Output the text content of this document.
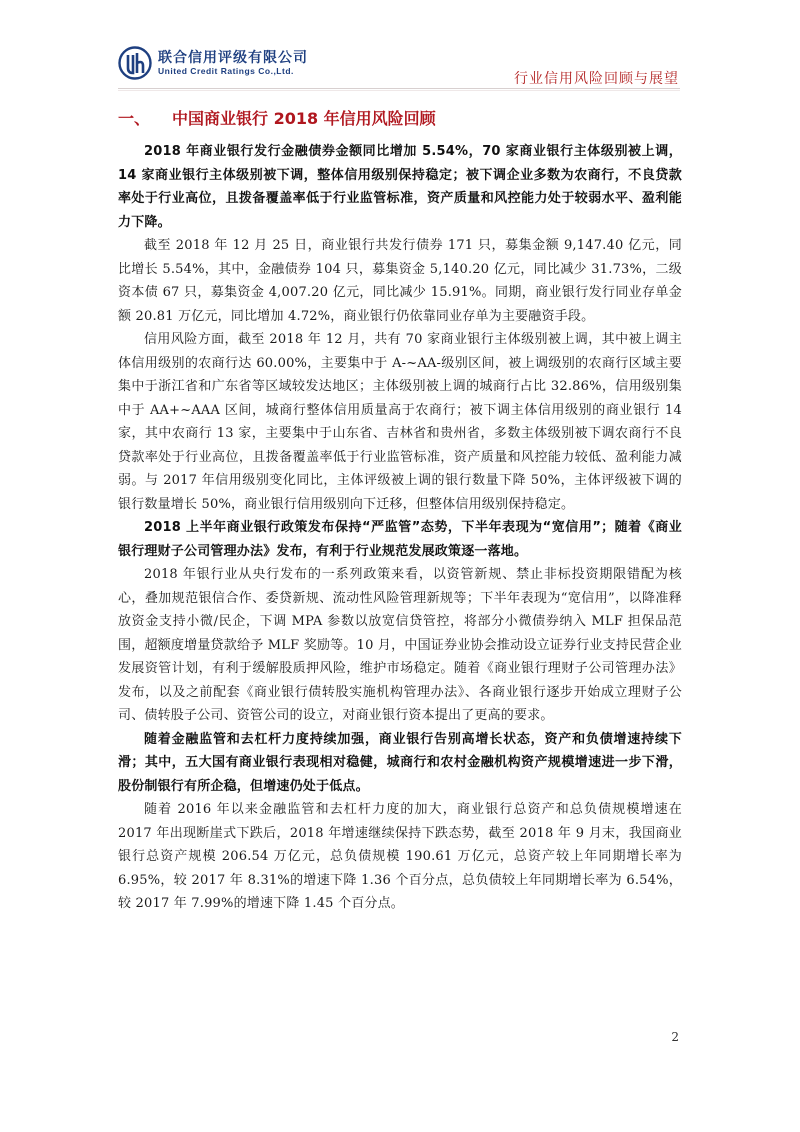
联合信用评级有限公司
United Credit Ratings Co.,Ltd.
行业信用风险回顾与展望
一、	中国商业银行 2018 年信用风险回顾

2018 年商业银行发行金融债券金额同比增加 5.54%，70 家商业银行主体级别被上调，14 家商业银行主体级别被下调，整体信用级别保持稳定；被下调企业多数为农商行，不良贷款率处于行业高位，且拨备覆盖率低于行业监管标准，资产质量和风控能力处于较弱水平、盈利能力下降。

截至 2018 年 12 月 25 日，商业银行共发行债券 171 只，募集金额 9,147.40 亿元，同比增长 5.54%，其中，金融债券 104 只，募集资金 5,140.20 亿元，同比减少 31.73%，二级资本债 67 只，募集资金 4,007.20 亿元，同比减少 15.91%。同期，商业银行发行同业存单金额 20.81 万亿元，同比增加 4.72%，商业银行仍依靠同业存单为主要融资手段。

信用风险方面，截至 2018 年 12 月，共有 70 家商业银行主体级别被上调，其中被上调主体信用级别的农商行达 60.00%，主要集中于 A-~AA-级别区间，被上调级别的农商行区域主要集中于浙江省和广东省等区域较发达地区；主体级别被上调的城商行占比 32.86%，信用级别集中于 AA+~AAA 区间，城商行整体信用质量高于农商行；被下调主体信用级别的商业银行 14 家，其中农商行 13 家，主要集中于山东省、吉林省和贵州省，多数主体级别被下调农商行不良贷款率处于行业高位，且拨备覆盖率低于行业监管标准，资产质量和风控能力较低、盈利能力减弱。与 2017 年信用级别变化同比，主体评级被上调的银行数量下降 50%，主体评级被下调的银行数量增长 50%，商业银行信用级别向下迁移，但整体信用级别保持稳定。

2018 上半年商业银行政策发布保持“严监管”态势，下半年表现为“宽信用”；随着《商业银行理财子公司管理办法》发布，有利于行业规范发展政策逐一落地。

2018 年银行业从央行发布的一系列政策来看，以资管新规、禁止非标投资期限错配为核心，叠加规范银信合作、委贷新规、流动性风险管理新规等；下半年表现为“宽信用”，以降准释放资金支持小微/民企，下调 MPA 参数以放宽信贷管控，将部分小微债券纳入 MLF 担保品范围，超额度增量贷款给予 MLF 奖励等。10 月，中国证券业协会推动设立证券行业支持民营企业发展资管计划，有利于缓解股质押风险，维护市场稳定。随着《商业银行理财子公司管理办法》发布，以及之前配套《商业银行债转股实施机构管理办法》、各商业银行逐步开始成立理财子公司、债转股子公司、资管公司的设立，对商业银行资本提出了更高的要求。

随着金融监管和去杠杆力度持续加强，商业银行告别高增长状态，资产和负债增速持续下滑；其中，五大国有商业银行表现相对稳健，城商行和农村金融机构资产规模增速进一步下滑，股份制银行有所企稳，但增速仍处于低点。

随着 2016 年以来金融监管和去杠杆力度的加大，商业银行总资产和总负债规模增速在 2017 年出现断崖式下跌后，2018 年增速继续保持下跌态势，截至 2018 年 9 月末，我国商业银行总资产规模 206.54 万亿元，总负债规模 190.61 万亿元，总资产较上年同期增长率为 6.95%，较 2017 年 8.31%的增速下降 1.36 个百分点，总负债较上年同期增长率为 6.54%，较 2017 年 7.99%的增速下降 1.45 个百分点。

2
